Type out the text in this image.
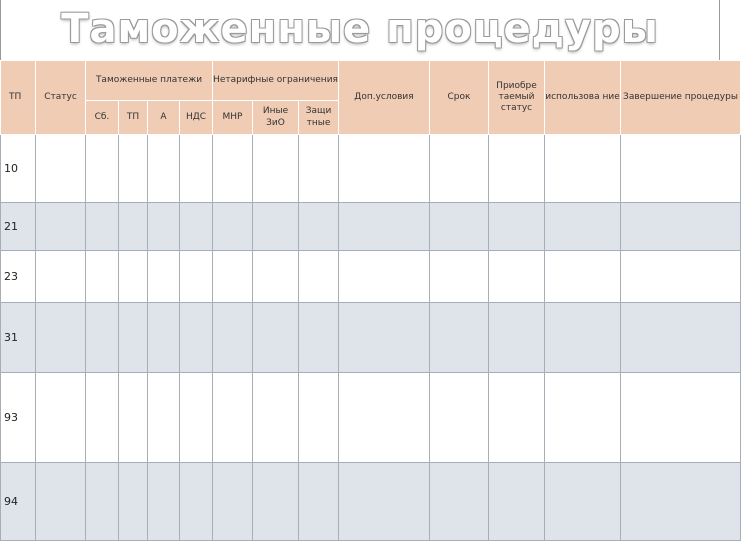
Таможенные процедуры
ТП	Статус	Таможенные платежи				Нетарифные ограничения			Доп.условия	Срок	Приобре таемый статус	использова ние	Завершение процедуры
		Сб.	ТП	А	НДС	МНР	Иные ЗиО	Защи тные					
10													
21													
23													
31													
93													
94													
